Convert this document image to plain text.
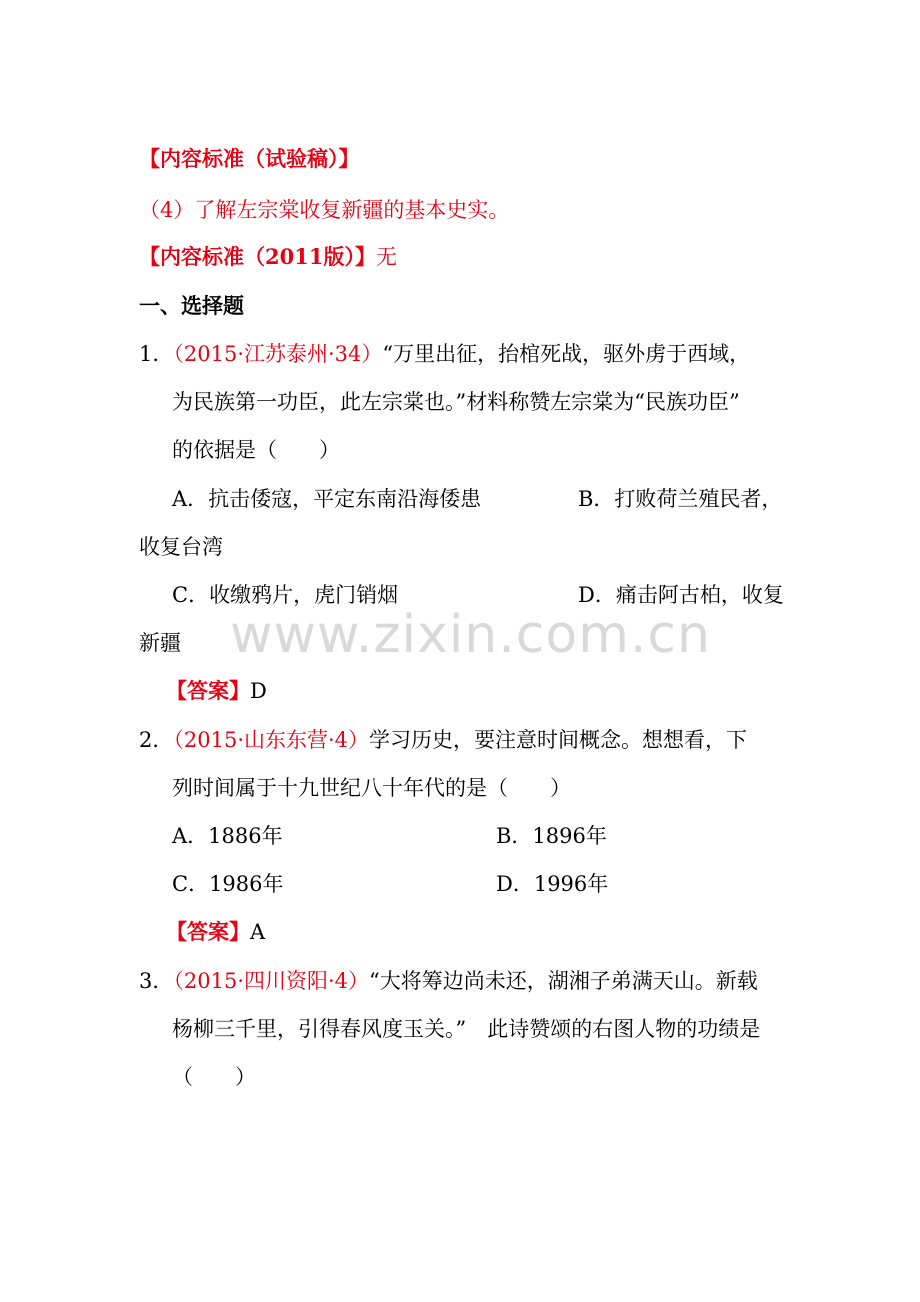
【内容标准（试验稿）】
（4）了解左宗棠收复新疆的基本史实。
【内容标准（2011版）】无
一、选择题
1．（2015·江苏泰州·34）“万里出征，抬棺死战，驱外虏于西域，
为民族第一功臣，此左宗棠也。”材料称赞左宗棠为“民族功臣”
的依据是（　　）
A．抗击倭寇，平定东南沿海倭患	B．打败荷兰殖民者，
收复台湾
C．收缴鸦片，虎门销烟	D．痛击阿古柏，收复
新疆
【答案】D
2．（2015·山东东营·4）学习历史，要注意时间概念。想想看，下
列时间属于十九世纪八十年代的是（　　）
A．1886年	B．1896年
C．1986年	D．1996年
【答案】A
3．（2015·四川资阳·4）“大将筹边尚未还，湖湘子弟满天山。新载
杨柳三千里，引得春风度玉关。”　此诗赞颂的右图人物的功绩是
（　　）
www.zixin.com.cn
